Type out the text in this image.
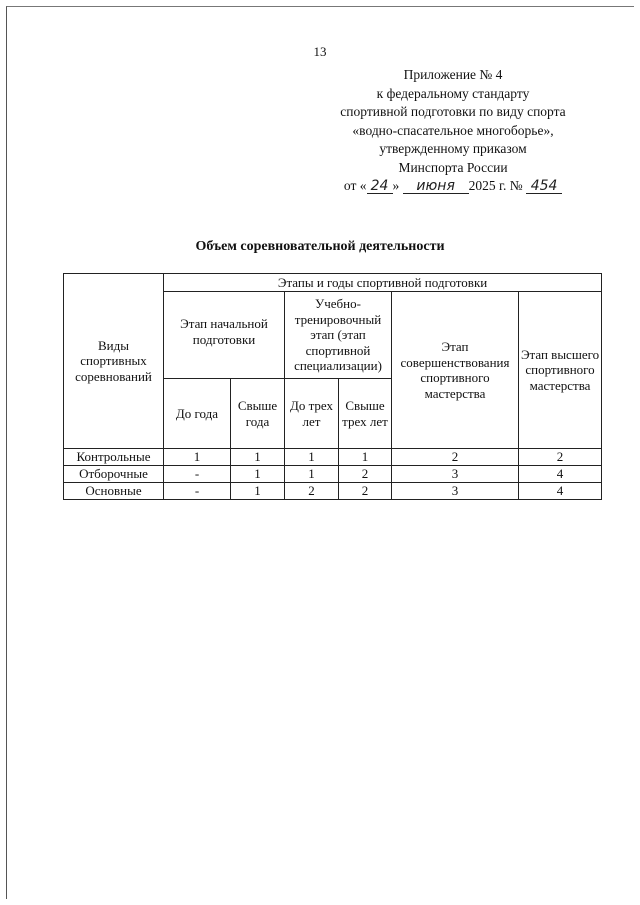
13
Приложение № 4
к федеральному стандарту
спортивной подготовки по виду спорта
«водно-спасательное многоборье»,
утвержденному приказом
Минспорта России
от « 24 » июня 2025 г. № 454
Объем соревновательной деятельности
Виды спортивных соревнований	Этапы и годы спортивной подготовки					
	Этап начальной подготовки		Учебно-тренировочный этап (этап спортивной специализации)		Этап совершенствования спортивного мастерства	Этап высшего спортивного мастерства
	До года	Свыше года	До трех лет	Свыше трех лет		
Контрольные	1	1	1	1	2	2
Отборочные	-	1	1	2	3	4
Основные	-	1	2	2	3	4
